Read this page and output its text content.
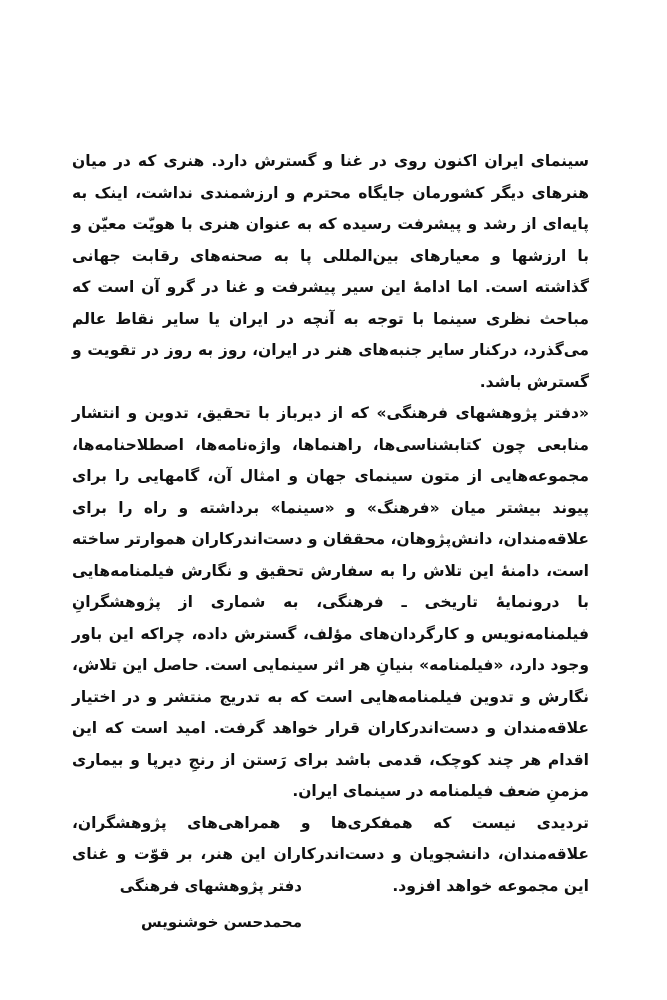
سینمای ایران اکنون روی در غنا و گسترش دارد. هنری که در میان هنرهای دیگر کشورمان جایگاه محترم و ارزشمندی نداشت، اینک به پایه‌ای از رشد و پیشرفت رسیده که به عنوان هنری با هویّت معیّن و با ارزشها و معیارهای بین‌المللی پا به صحنه‌های رقابت جهانی گذاشته است. اما ادامهٔ این سیر پیشرفت و غنا در گرو آن است که مباحث نظری سینما با توجه به آنچه در ایران یا سایر نقاط عالم می‌گذرد، درکنار سایر جنبه‌های هنر در ایران، روز به روز در تقویت و گسترش باشد.

«دفتر پژوهشهای فرهنگی» که از دیرباز با تحقیق، تدوین و انتشار منابعی چون کتابشناسی‌ها، راهنماها، واژه‌نامه‌ها، اصطلاحنامه‌ها، مجموعه‌هایی از متون سینمای جهان و امثال آن، گامهایی را برای پیوند بیشتر میان «فرهنگ» و «سینما» برداشته و راه را برای علاقه‌مندان، دانش‌پژوهان، محققان و دست‌اندرکاران هموارتر ساخته است، دامنهٔ این تلاش را به سفارش تحقیق و نگارش فیلمنامه‌هایی با درونمایهٔ تاریخی ـ فرهنگی، به شماری از پژوهشگرانِ فیلمنامه‌نویس و کارگردان‌های مؤلف، گسترش داده، چراکه این باور وجود دارد، «فیلمنامه» بنیانِ هر اثر سینمایی است. حاصل این تلاش، نگارش و تدوین فیلمنامه‌هایی است که به تدریج منتشر و در اختیار علاقه‌مندان و دست‌اندرکاران قرار خواهد گرفت. امید است که این اقدام هر چند کوچک، قدمی باشد برای رَستن از رنجِ دیرپا و بیماری مزمنِ ضعف فیلمنامه در سینمای ایران.

تردیدی نیست که همفکری‌ها و همراهی‌های پژوهشگران، علاقه‌مندان، دانشجویان و دست‌اندرکاران این هنر، بر قوّت و غنای این مجموعه خواهد افزود.

دفتر پژوهشهای فرهنگی
محمدحسن خوشنویس
